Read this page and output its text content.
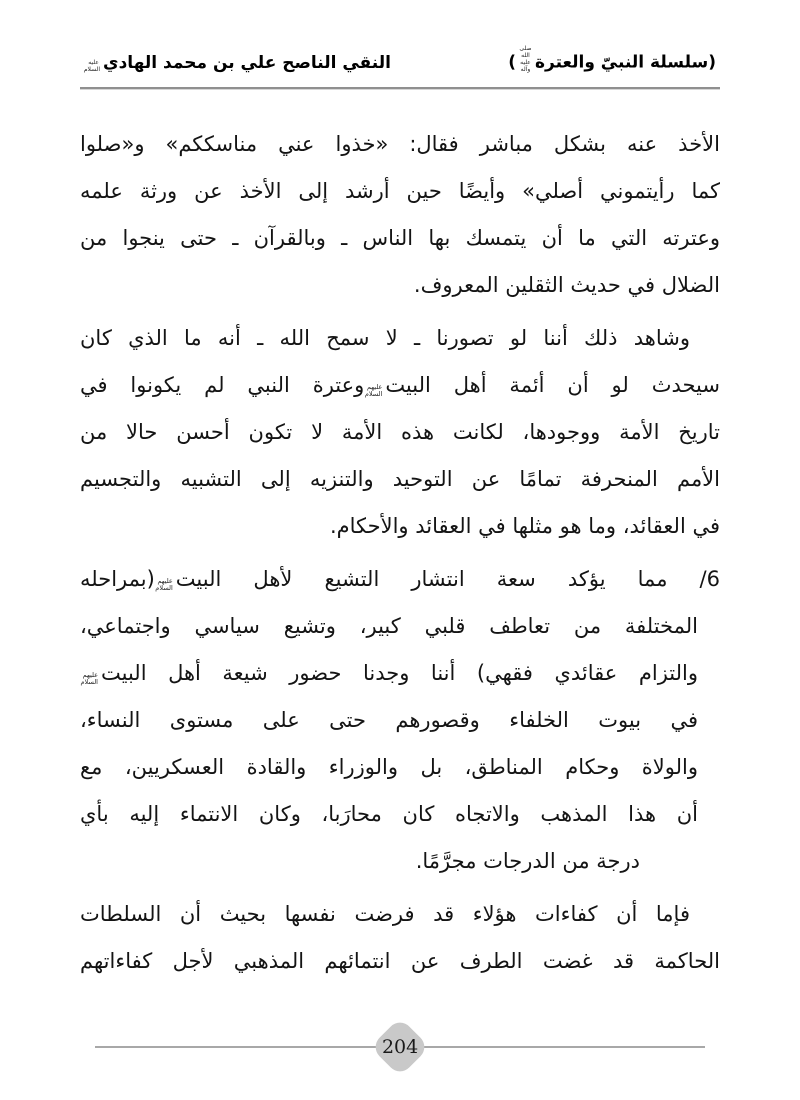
(سلسلة النبيّ والعترةصلى الله عليه وآله)
النقي الناصح علي بن محمد الهاديعليه السلام
الأخذ عنه بشكل مباشر فقال: «خذوا عني مناسككم» و«صلوا
كما رأيتموني أصلي» وأيضًا حين أرشد إلى الأخذ عن ورثة علمه
وعترته التي ما أن يتمسك بها الناس ـ وبالقرآن ـ حتى ينجوا من
الضلال في حديث الثقلين المعروف.
وشاهد ذلك أننا لو تصورنا ـ لا سمح الله ـ أنه ما الذي كان
سيحدث لو أن أئمة أهل البيتعليهم السلاموعترة النبي لم يكونوا في
تاريخ الأمة ووجودها، لكانت هذه الأمة لا تكون أحسن حالا من
الأمم المنحرفة تمامًا عن التوحيد والتنزيه إلى التشبيه والتجسيم
في العقائد، وما هو مثلها في العقائد والأحكام.
6/ مما يؤكد سعة انتشار التشيع لأهل البيتعليهم السلام(بمراحله
المختلفة من تعاطف قلبي كبير، وتشيع سياسي واجتماعي،
والتزام عقائدي فقهي) أننا وجدنا حضور شيعة أهل البيتعليهم السلام
في بيوت الخلفاء وقصورهم حتى على مستوى النساء،
والولاة وحكام المناطق، بل والوزراء والقادة العسكريين، مع
أن هذا المذهب والاتجاه كان محارَبا، وكان الانتماء إليه بأي
درجة من الدرجات مجرَّمًا.
فإما أن كفاءات هؤلاء قد فرضت نفسها بحيث أن السلطات
الحاكمة قد غضت الطرف عن انتمائهم المذهبي لأجل كفاءاتهم
204
